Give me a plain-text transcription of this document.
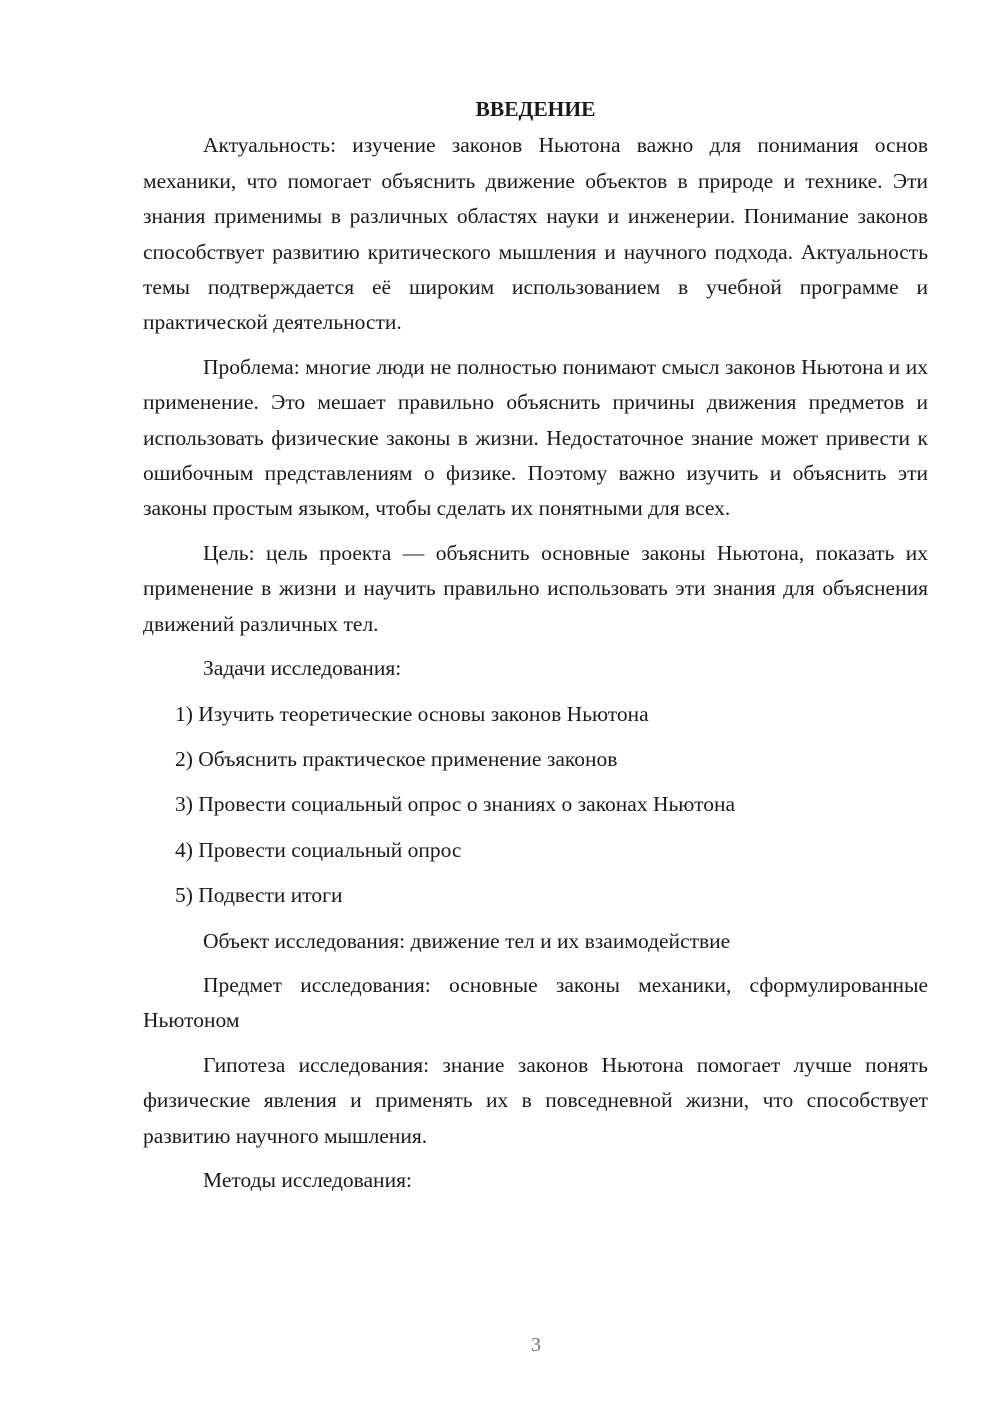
ВВЕДЕНИЕ

Актуальность: изучение законов Ньютона важно для понимания основ механики, что помогает объяснить движение объектов в природе и технике. Эти знания применимы в различных областях науки и инженерии. Понимание законов способствует развитию критического мышления и научного подхода. Актуальность темы подтверждается её широким использованием в учебной программе и практической деятельности.

Проблема: многие люди не полностью понимают смысл законов Ньютона и их применение. Это мешает правильно объяснить причины движения предметов и использовать физические законы в жизни. Недостаточное знание может привести к ошибочным представлениям о физике. Поэтому важно изучить и объяснить эти законы простым языком, чтобы сделать их понятными для всех.

Цель: цель проекта — объяснить основные законы Ньютона, показать их применение в жизни и научить правильно использовать эти знания для объяснения движений различных тел.

Задачи исследования:
1) Изучить теоретические основы законов Ньютона
2) Объяснить практическое применение законов
3) Провести социальный опрос о знаниях о законах Ньютона
4) Провести социальный опрос
5) Подвести итоги

Объект исследования: движение тел и их взаимодействие

Предмет исследования: основные законы механики, сформулированные Ньютоном

Гипотеза исследования: знание законов Ньютона помогает лучше понять физические явления и применять их в повседневной жизни, что способствует развитию научного мышления.

Методы исследования:

3
